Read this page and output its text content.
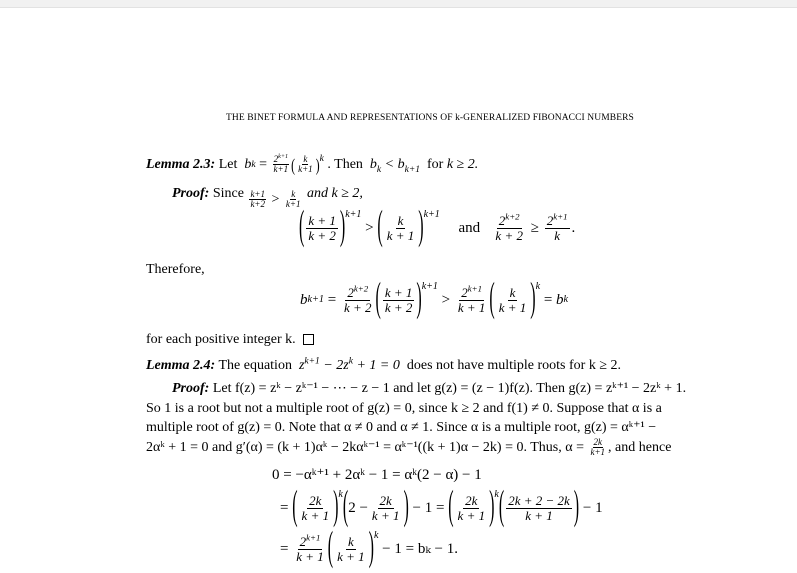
THE BINET FORMULA AND REPRESENTATIONS OF k-GENERALIZED FIBONACCI NUMBERS
Lemma 2.3: Let b $k = \frac{2^{k+1}}{k+1}$ ( $\frac{k}{k+1}$ ) k . Then  $b_k < b_{k+1}$ for k ≥ 2.
Proof: Since $\frac{k+1}{k+2} > \frac{k}{k+1}$ and k ≥ 2,
( $\frac{k + 1}{k + 2}$ ) k+1
> ( $\frac{k}{k + 1}$ ) k+1

and
$\frac{2^{k+2}}{k + 2} \ge \frac{2^{k+1}}{k}$ .
Therefore,
b $k+1 = \frac{2^{k+2}}{k + 2}$ ( $\frac{k + 1}{k + 2}$ ) k+1
> $\frac{2^{k+1}}{k + 1}$ ( $\frac{k}{k + 1}$ ) k
= b k
for each positive integer k.
Lemma 2.4: The equation  $z^{k+1} - 2z^k + 1 = 0$  does not have multiple roots for k ≥ 2.
Proof: Let f(z) = zᵏ − zᵏ⁻¹ − ⋯ − z − 1 and let g(z) = (z − 1)f(z). Then g(z) = zᵏ⁺¹ − 2zᵏ + 1.
So 1 is a root but not a multiple root of g(z) = 0, since k ≥ 2 and f(1) ≠ 0. Suppose that α is a
multiple root of g(z) = 0. Note that α ≠ 0 and α ≠ 1. Since α is a multiple root, g(z) = αᵏ⁺¹ −
2αᵏ + 1 = 0 and g′(α) = (k + 1)αᵏ − 2kαᵏ⁻¹ = αᵏ⁻¹((k + 1)α − 2k) = 0. Thus, $\alpha = \frac{2k}{k+1}$ , and hence
0 = −αᵏ⁺¹ + 2αᵏ − 1 = αᵏ(2 − α) − 1
= ( $\frac{2k}{k + 1}$ ) k ( $2 - \frac{2k}{k + 1}$ ) − 1 = ( $\frac{2k}{k + 1}$ ) k ( $\frac{2k + 2 - 2k}{k + 1}$ ) − 1
= $\frac{2^{k+1}}{k + 1}$ ( $\frac{k}{k + 1}$ ) k

− 1 = bₖ − 1.
